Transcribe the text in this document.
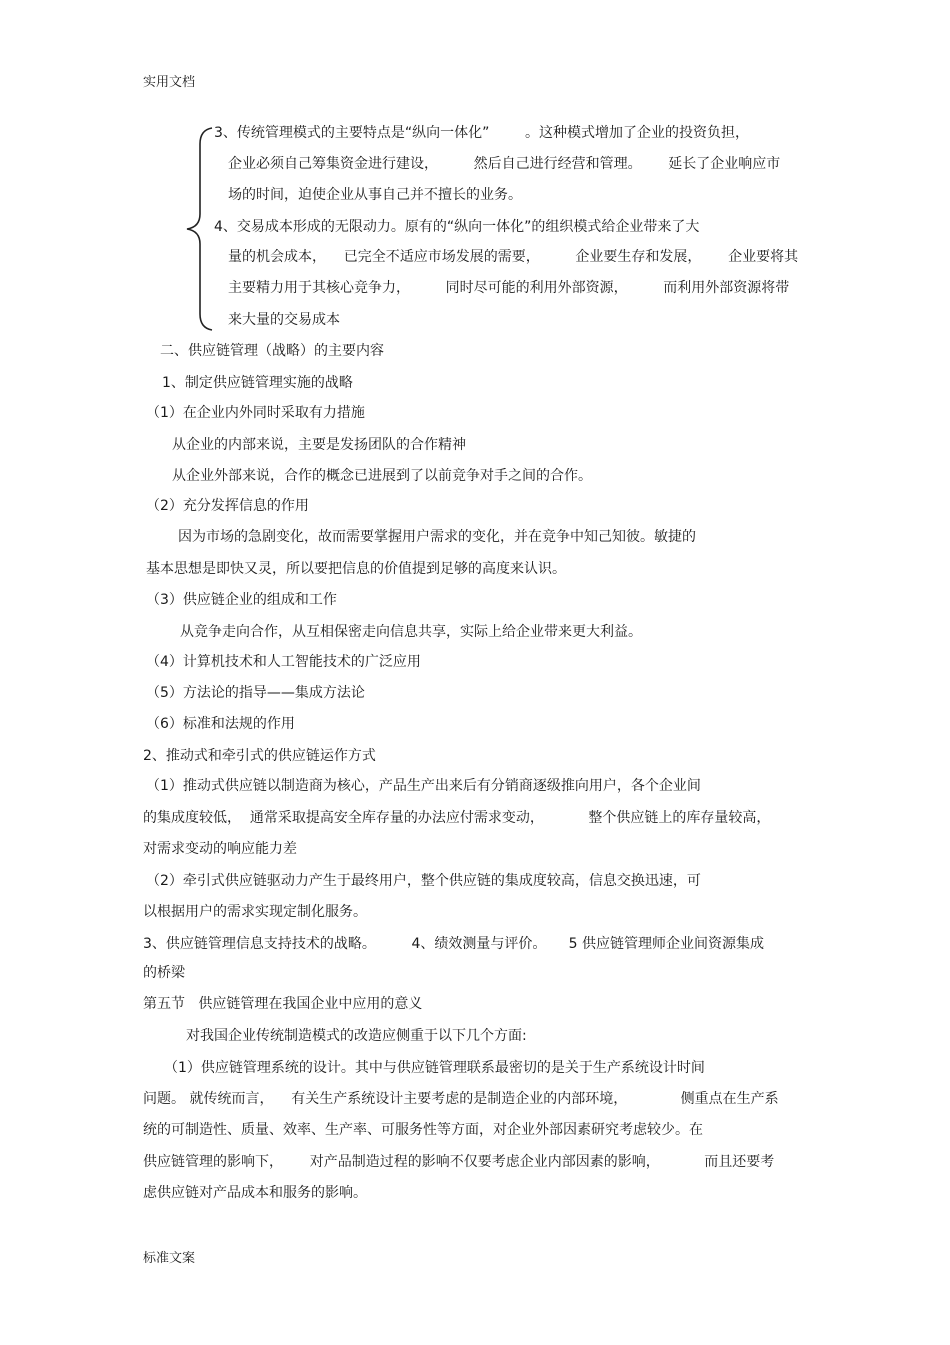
实用文档
3、传统管理模式的主要特点是“纵向一体化”        。这种模式增加了企业的投资负担，
企业必须自己筹集资金进行建设，        然后自己进行经营和管理。      延长了企业响应市
场的时间，迫使企业从事自己并不擅长的业务。
4、交易成本形成的无限动力。原有的“纵向一体化”的组织模式给企业带来了大
量的机会成本，    已完全不适应市场发展的需要，        企业要生存和发展，      企业要将其
主要精力用于其核心竞争力，        同时尽可能的利用外部资源，        而利用外部资源将带
来大量的交易成本
二、供应链管理（战略）的主要内容
1、制定供应链管理实施的战略
（1）在企业内外同时采取有力措施
从企业的内部来说，主要是发扬团队的合作精神
从企业外部来说，合作的概念已进展到了以前竞争对手之间的合作。
（2）充分发挥信息的作用
因为市场的急剧变化，故而需要掌握用户需求的变化，并在竞争中知己知彼。敏捷的
基本思想是即快又灵，所以要把信息的价值提到足够的高度来认识。
（3）供应链企业的组成和工作
从竞争走向合作，从互相保密走向信息共享，实际上给企业带来更大利益。
（4）计算机技术和人工智能技术的广泛应用
（5）方法论的指导——集成方法论
（6）标准和法规的作用
2、推动式和牵引式的供应链运作方式
（1）推动式供应链以制造商为核心，产品生产出来后有分销商逐级推向用户，各个企业间
的集成度较低，  通常采取提高安全库存量的办法应付需求变动，          整个供应链上的库存量较高，
对需求变动的响应能力差
（2）牵引式供应链驱动力产生于最终用户，整个供应链的集成度较高，信息交换迅速，可
以根据用户的需求实现定制化服务。
3、供应链管理信息支持技术的战略。        4、绩效测量与评价。     5 供应链管理师企业间资源集成
的桥梁
第五节   供应链管理在我国企业中应用的意义
对我国企业传统制造模式的改造应侧重于以下几个方面:
（1）供应链管理系统的设计。其中与供应链管理联系最密切的是关于生产系统设计时间
问题。 就传统而言，    有关生产系统设计主要考虑的是制造企业的内部环境，            侧重点在生产系
统的可制造性、质量、效率、生产率、可服务性等方面，对企业外部因素研究考虑较少。在
供应链管理的影响下，      对产品制造过程的影响不仅要考虑企业内部因素的影响，          而且还要考
虑供应链对产品成本和服务的影响。
标准文案
